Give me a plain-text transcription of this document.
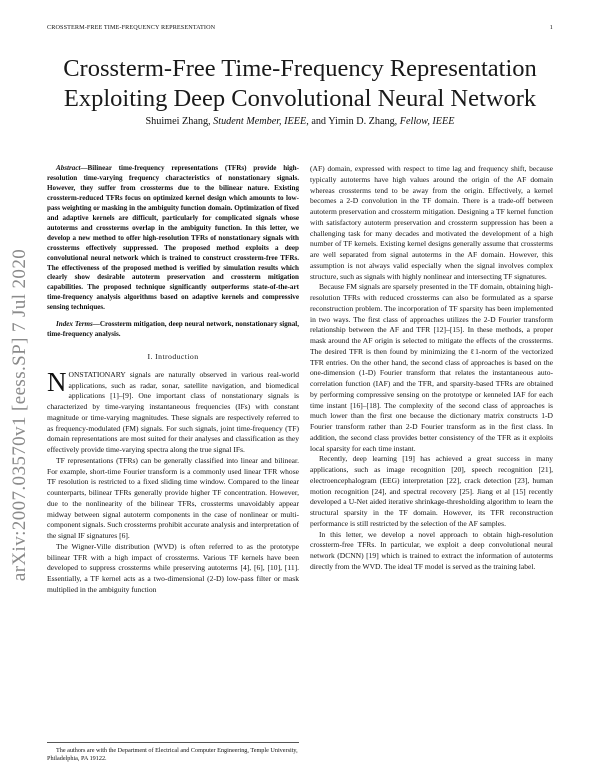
CROSSTERM-FREE TIME-FREQUENCY REPRESENTATION	1
Crossterm-Free Time-Frequency Representation
Exploiting Deep Convolutional Neural Network
Shuimei Zhang, Student Member, IEEE, and Yimin D. Zhang, Fellow, IEEE
arXiv:2007.03570v1 [eess.SP] 7 Jul 2020

Abstract—Bilinear time-frequency representations (TFRs) provide high-resolution time-varying frequency characteristics of nonstationary signals. However, they suffer from crossterms due to the bilinear nature. Existing crossterm-reduced TFRs focus on optimized kernel design which amounts to low-pass weighting or masking in the ambiguity function domain. Optimization of fixed and adaptive kernels are difficult, particularly for complicated signals whose autoterms and crossterms overlap in the ambiguity function. In this letter, we develop a new method to offer high-resolution TFRs of nonstationary signals with crossterms effectively suppressed. The proposed method exploits a deep convolutional neural network which is trained to construct crossterm-free TFRs. The effectiveness of the proposed method is verified by simulation results which clearly show desirable autoterm preservation and crossterm mitigation capabilities. The proposed technique significantly outperforms state-of-the-art time-frequency analysis algorithms based on adaptive kernels and compressive sensing techniques.

Index Terms—Crossterm mitigation, deep neural network, nonstationary signal, time-frequency analysis.

I. Introduction

NONSTATIONARY signals are naturally observed in various real-world applications, such as radar, sonar, satellite navigation, and biomedical applications [1]–[9]. One important class of nonstationary signals is characterized by time-varying instantaneous frequencies (IFs) with constant magnitude or time-varying magnitudes. These signals are respectively referred to as frequency-modulated (FM) signals. For such signals, joint time-frequency (TF) domain representations are most suited for their analyses and classification as they effectively provide time-varying spectra along the true signal IFs.

TF representations (TFRs) can be generally classified into linear and bilinear. For example, short-time Fourier transform is a commonly used linear TFR whose TF resolution is restricted to a fixed sliding time window. Compared to the linear counterparts, bilinear TFRs generally provide higher TF concentration. However, due to the nonlinearity of the bilinear TFRs, crossterms unavoidably appear midway between signal autoterm components in the case of nonlinear or multi-component signals. Such crossterms prohibit accurate analysis and interpretation of the signal IF signatures [6].

The Wigner-Ville distribution (WVD) is often referred to as the prototype bilinear TFR with a high impact of crossterms. Various TF kernels have been developed to suppress crossterms while preserving autoterms [4], [6], [10], [11]. Essentially, a TF kernel acts as a two-dimensional (2-D) low-pass filter or mask multiplied in the ambiguity function

(AF) domain, expressed with respect to time lag and frequency shift, because typically autoterms have high values around the origin of the AF domain whereas crossterms tend to be away from the origin. Effectively, a kernel becomes a 2-D convolution in the TF domain. There is a trade-off between autoterm preservation and crossterm mitigation. Designing a TF kernel function with satisfactory autoterm preservation and crossterm suppression has been a challenging task for many decades and motivated the development of a high number of TF kernels. Existing kernel designs generally assume that crossterms are well separated from signal autoterms in the AF domain. However, this assumption is not always valid especially when the signal involves complex structure, such as signals with highly nonlinear and intersecting TF signatures.

Because FM signals are sparsely presented in the TF domain, obtaining high-resolution TFRs with reduced crossterms can also be formulated as a sparse reconstruction problem. The incorporation of TF sparsity has been implemented in two ways. The first class of approaches utilizes the 2-D Fourier transform relationship between the AF and TFR [12]–[15]. In these methods, a proper mask around the AF origin is selected to mitigate the effects of the crossterms. The desired TFR is then found by minimizing the ℓ1-norm of the vectorized TFR entries. On the other hand, the second class of approaches is based on the one-dimension (1-D) Fourier transform that relates the instantaneous auto-correlation function (IAF) and the TFR, and sparsity-based TFRs are obtained by performing compressive sensing on the prototype or kenneled IAF for each time instant [16]–[18]. The complexity of the second class of approaches is much lower than the first one because the dictionary matrix constructs 1-D Fourier transform rather than 2-D Fourier transform as in the first class. In addition, the second class provides better consistency of the TFR as it exploits local sparsity for each time instant.

Recently, deep learning [19] has achieved a great success in many applications, such as image recognition [20], speech recognition [21], electroencephalogram (EEG) interpretation [22], crack detection [23], human motion recognition [24], and spectral recovery [25]. Jiang et al [15] recently developed a U-Net aided iterative shrinkage-thresholding algorithm to learn the structural sparsity in the TF domain. However, its TFR reconstruction performance is still restricted by the selection of the AF samples.

In this letter, we develop a novel approach to obtain high-resolution crossterm-free TFRs. In particular, we exploit a deep convolutional neural network (DCNN) [19] which is trained to extract the information of autoterms directly from the WVD. The ideal TF model is served as the training label.

The authors are with the Department of Electrical and Computer Engineering, Temple University, Philadelphia, PA 19122.
